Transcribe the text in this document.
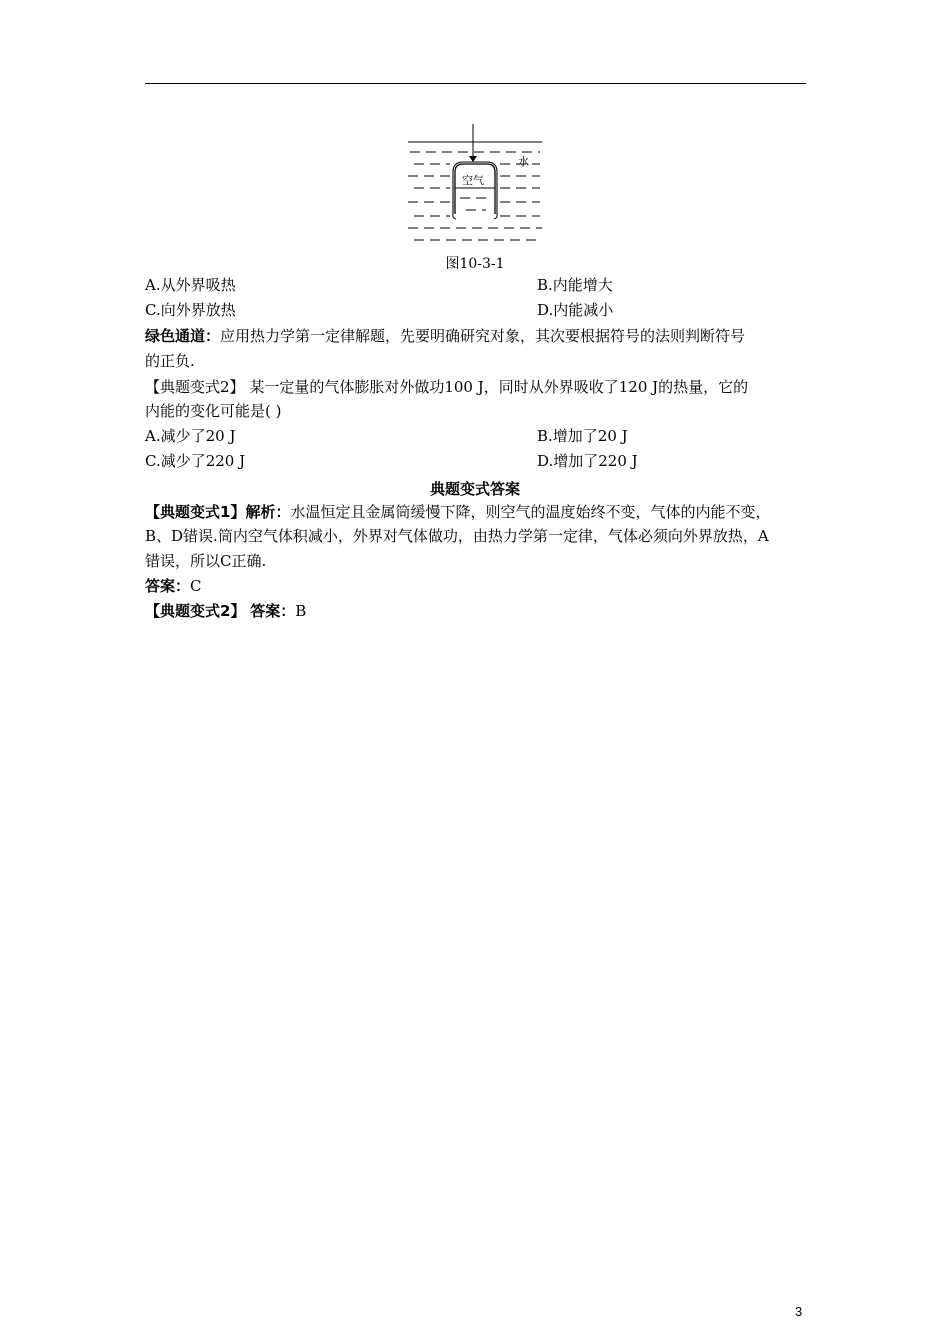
水
空气
图10-3-1
A.从外界吸热	B.内能增大
C.向外界放热	D.内能减小
绿色通道：应用热力学第一定律解题，先要明确研究对象，其次要根据符号的法则判断符号
的正负.
【典题变式2】 某一定量的气体膨胀对外做功100 J，同时从外界吸收了120 J的热量，它的
内能的变化可能是( )
A.减少了20 J	B.增加了20 J
C.减少了220 J	D.增加了220 J
典题变式答案
【典题变式1】解析：水温恒定且金属筒缓慢下降，则空气的温度始终不变，气体的内能不变，
B、D错误.筒内空气体积减小，外界对气体做功，由热力学第一定律，气体必须向外界放热，A
错误，所以C正确.
答案：C
【典题变式2】 答案：B
3
